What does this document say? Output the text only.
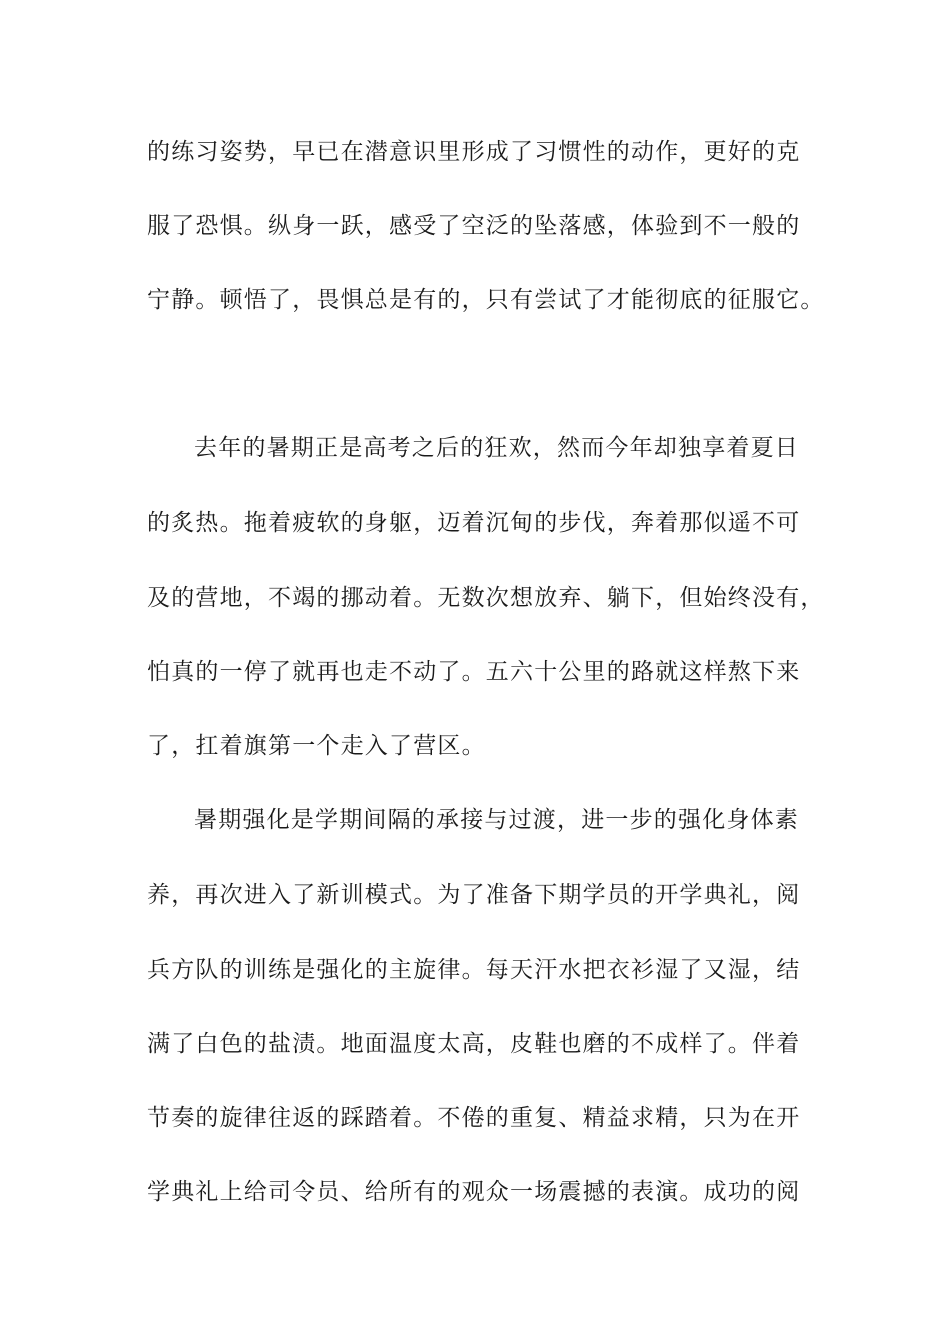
的练习姿势，早已在潜意识里形成了习惯性的动作，更好的克
服了恐惧。纵身一跃，感受了空泛的坠落感，体验到不一般的
宁静。顿悟了，畏惧总是有的，只有尝试了才能彻底的征服它。
去年的暑期正是高考之后的狂欢，然而今年却独享着夏日
的炙热。拖着疲软的身躯，迈着沉甸的步伐，奔着那似遥不可
及的营地，不竭的挪动着。无数次想放弃、躺下，但始终没有，
怕真的一停了就再也走不动了。五六十公里的路就这样熬下来
了，扛着旗第一个走入了营区。
暑期强化是学期间隔的承接与过渡，进一步的强化身体素
养，再次进入了新训模式。为了准备下期学员的开学典礼，阅
兵方队的训练是强化的主旋律。每天汗水把衣衫湿了又湿，结
满了白色的盐渍。地面温度太高，皮鞋也磨的不成样了。伴着
节奏的旋律往返的踩踏着。不倦的重复、精益求精，只为在开
学典礼上给司令员、给所有的观众一场震撼的表演。成功的阅
